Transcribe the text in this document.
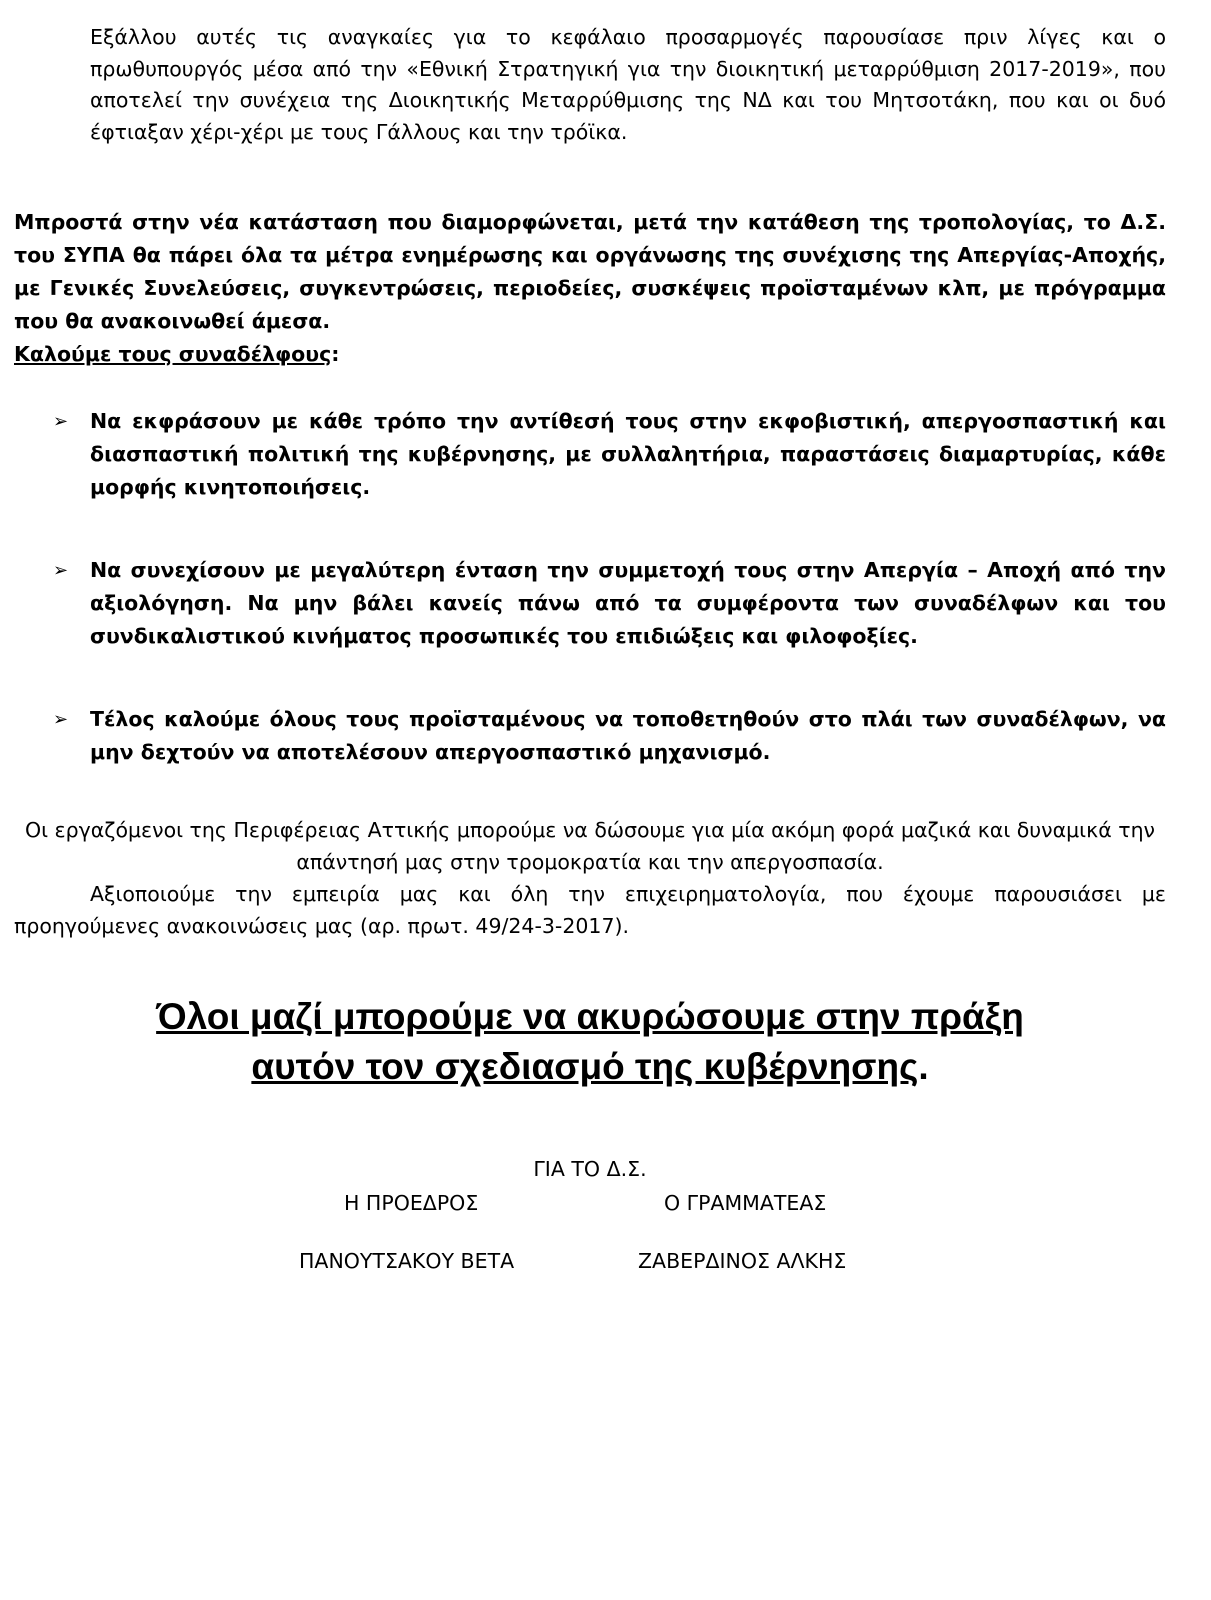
Εξάλλου αυτές τις αναγκαίες για το κεφάλαιο προσαρμογές παρουσίασε πριν λίγες και ο πρωθυπουργός μέσα από την «Εθνική Στρατηγική για την διοικητική μεταρρύθμιση 2017-2019», που αποτελεί την συνέχεια της Διοικητικής Μεταρρύθμισης της ΝΔ και του Μητσοτάκη, που και οι δυό έφτιαξαν χέρι-χέρι με τους Γάλλους και την τρόϊκα.

Μπροστά στην νέα κατάσταση που διαμορφώνεται, μετά την κατάθεση της τροπολογίας, το Δ.Σ. του ΣΥΠΑ θα πάρει όλα τα μέτρα ενημέρωσης και οργάνωσης της συνέχισης της Απεργίας-Αποχής, με Γενικές Συνελεύσεις, συγκεντρώσεις, περιοδείες, συσκέψεις προϊσταμένων κλπ, με πρόγραμμα που θα ανακοινωθεί άμεσα.

Καλούμε τους συναδέλφους:

➢ Να εκφράσουν με κάθε τρόπο την αντίθεσή τους στην εκφοβιστική, απεργοσπαστική και διασπαστική πολιτική της κυβέρνησης, με συλλαλητήρια, παραστάσεις διαμαρτυρίας, κάθε μορφής κινητοποιήσεις.
➢ Να συνεχίσουν με μεγαλύτερη ένταση την συμμετοχή τους στην Απεργία – Αποχή από την αξιολόγηση. Να μην βάλει κανείς πάνω από τα συμφέροντα των συναδέλφων και του συνδικαλιστικού κινήματος προσωπικές του επιδιώξεις και φιλοφοξίες.
➢ Τέλος καλούμε όλους τους προϊσταμένους να τοποθετηθούν στο πλάι των συναδέλφων, να μην δεχτούν να αποτελέσουν απεργοσπαστικό μηχανισμό.

Οι εργαζόμενοι της Περιφέρειας Αττικής μπορούμε να δώσουμε για μία ακόμη φορά μαζικά και δυναμικά την απάντησή μας στην τρομοκρατία και την απεργοσπασία.

Αξιοποιούμε την εμπειρία μας και όλη την επιχειρηματολογία, που έχουμε παρουσιάσει με προηγούμενες ανακοινώσεις μας (αρ. πρωτ. 49/24-3-2017).

Όλοι μαζί μπορούμε να ακυρώσουμε στην πράξη
αυτόν τον σχεδιασμό της κυβέρνησης.
ΓΙΑ ΤΟ Δ.Σ.
Η ΠΡΟΕΔΡΟΣ	Ο ΓΡΑΜΜΑΤΕΑΣ
ΠΑΝΟΥΤΣΑΚΟΥ ΒΕΤΑ	ΖΑΒΕΡΔΙΝΟΣ ΑΛΚΗΣ
